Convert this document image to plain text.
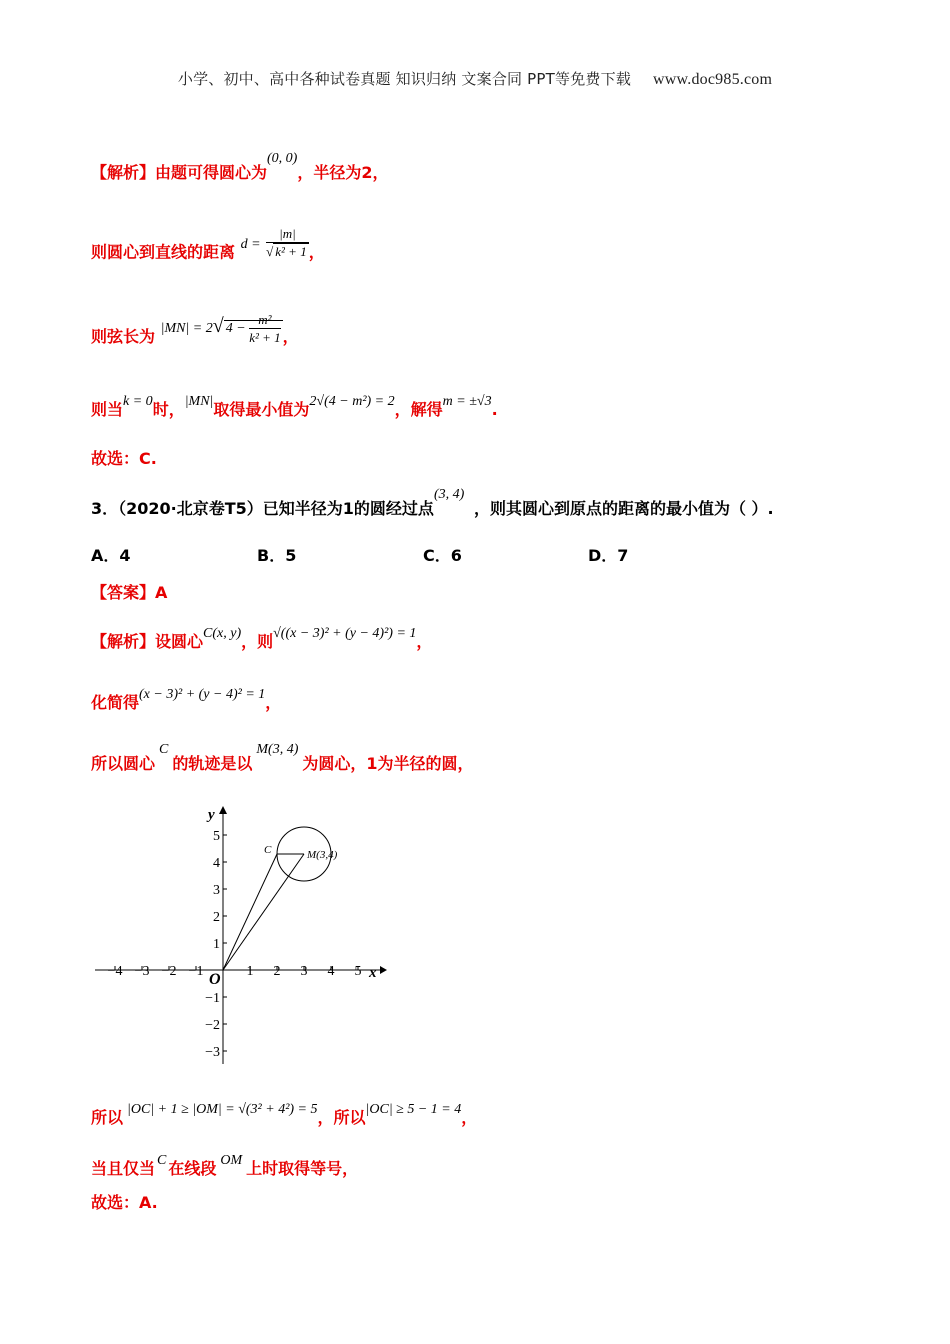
小学、初中、高中各种试卷真题 知识归纳 文案合同 PPT等免费下载 www.doc985.com
【解析】由题可得圆心为(0, 0)，半径为2，
则圆心到直线的距离 $d = \frac{|m|}{\text{√ k² + 1}}$ ，
则弦长为 |MN| = 2√ $4 - \frac{\text{m²}}{\text{k² + 1}}$ ，
则当k = 0时，|MN|取得最小值为2√(4 − m²) = 2，解得m = ±√3.
故选：C.
3．（2020·北京卷T5）已知半径为1的圆经过点(3, 4)，则其圆心到原点的距离的最小值为（ ）.
A．4	B．5	C．6	D．7
【答案】A
【解析】设圆心C(x, y)，则√((x − 3)² + (y − 4)²) = 1，
化简得(x − 3)² + (y − 4)² = 1，
所以圆心C的轨迹是以M(3, 4)为圆心，1为半径的圆，
−4 −3 −2 −1	1 2 3 4 5
5
4
3
2
1
−1
−2
−3
x
y
O
C	M(3,4)
所以 |OC| + 1 ≥ |OM| = √(3² + 4²) = 5，所以|OC| ≥ 5 − 1 = 4，
当且仅当 C 在线段 OM 上时取得等号，
故选：A.
